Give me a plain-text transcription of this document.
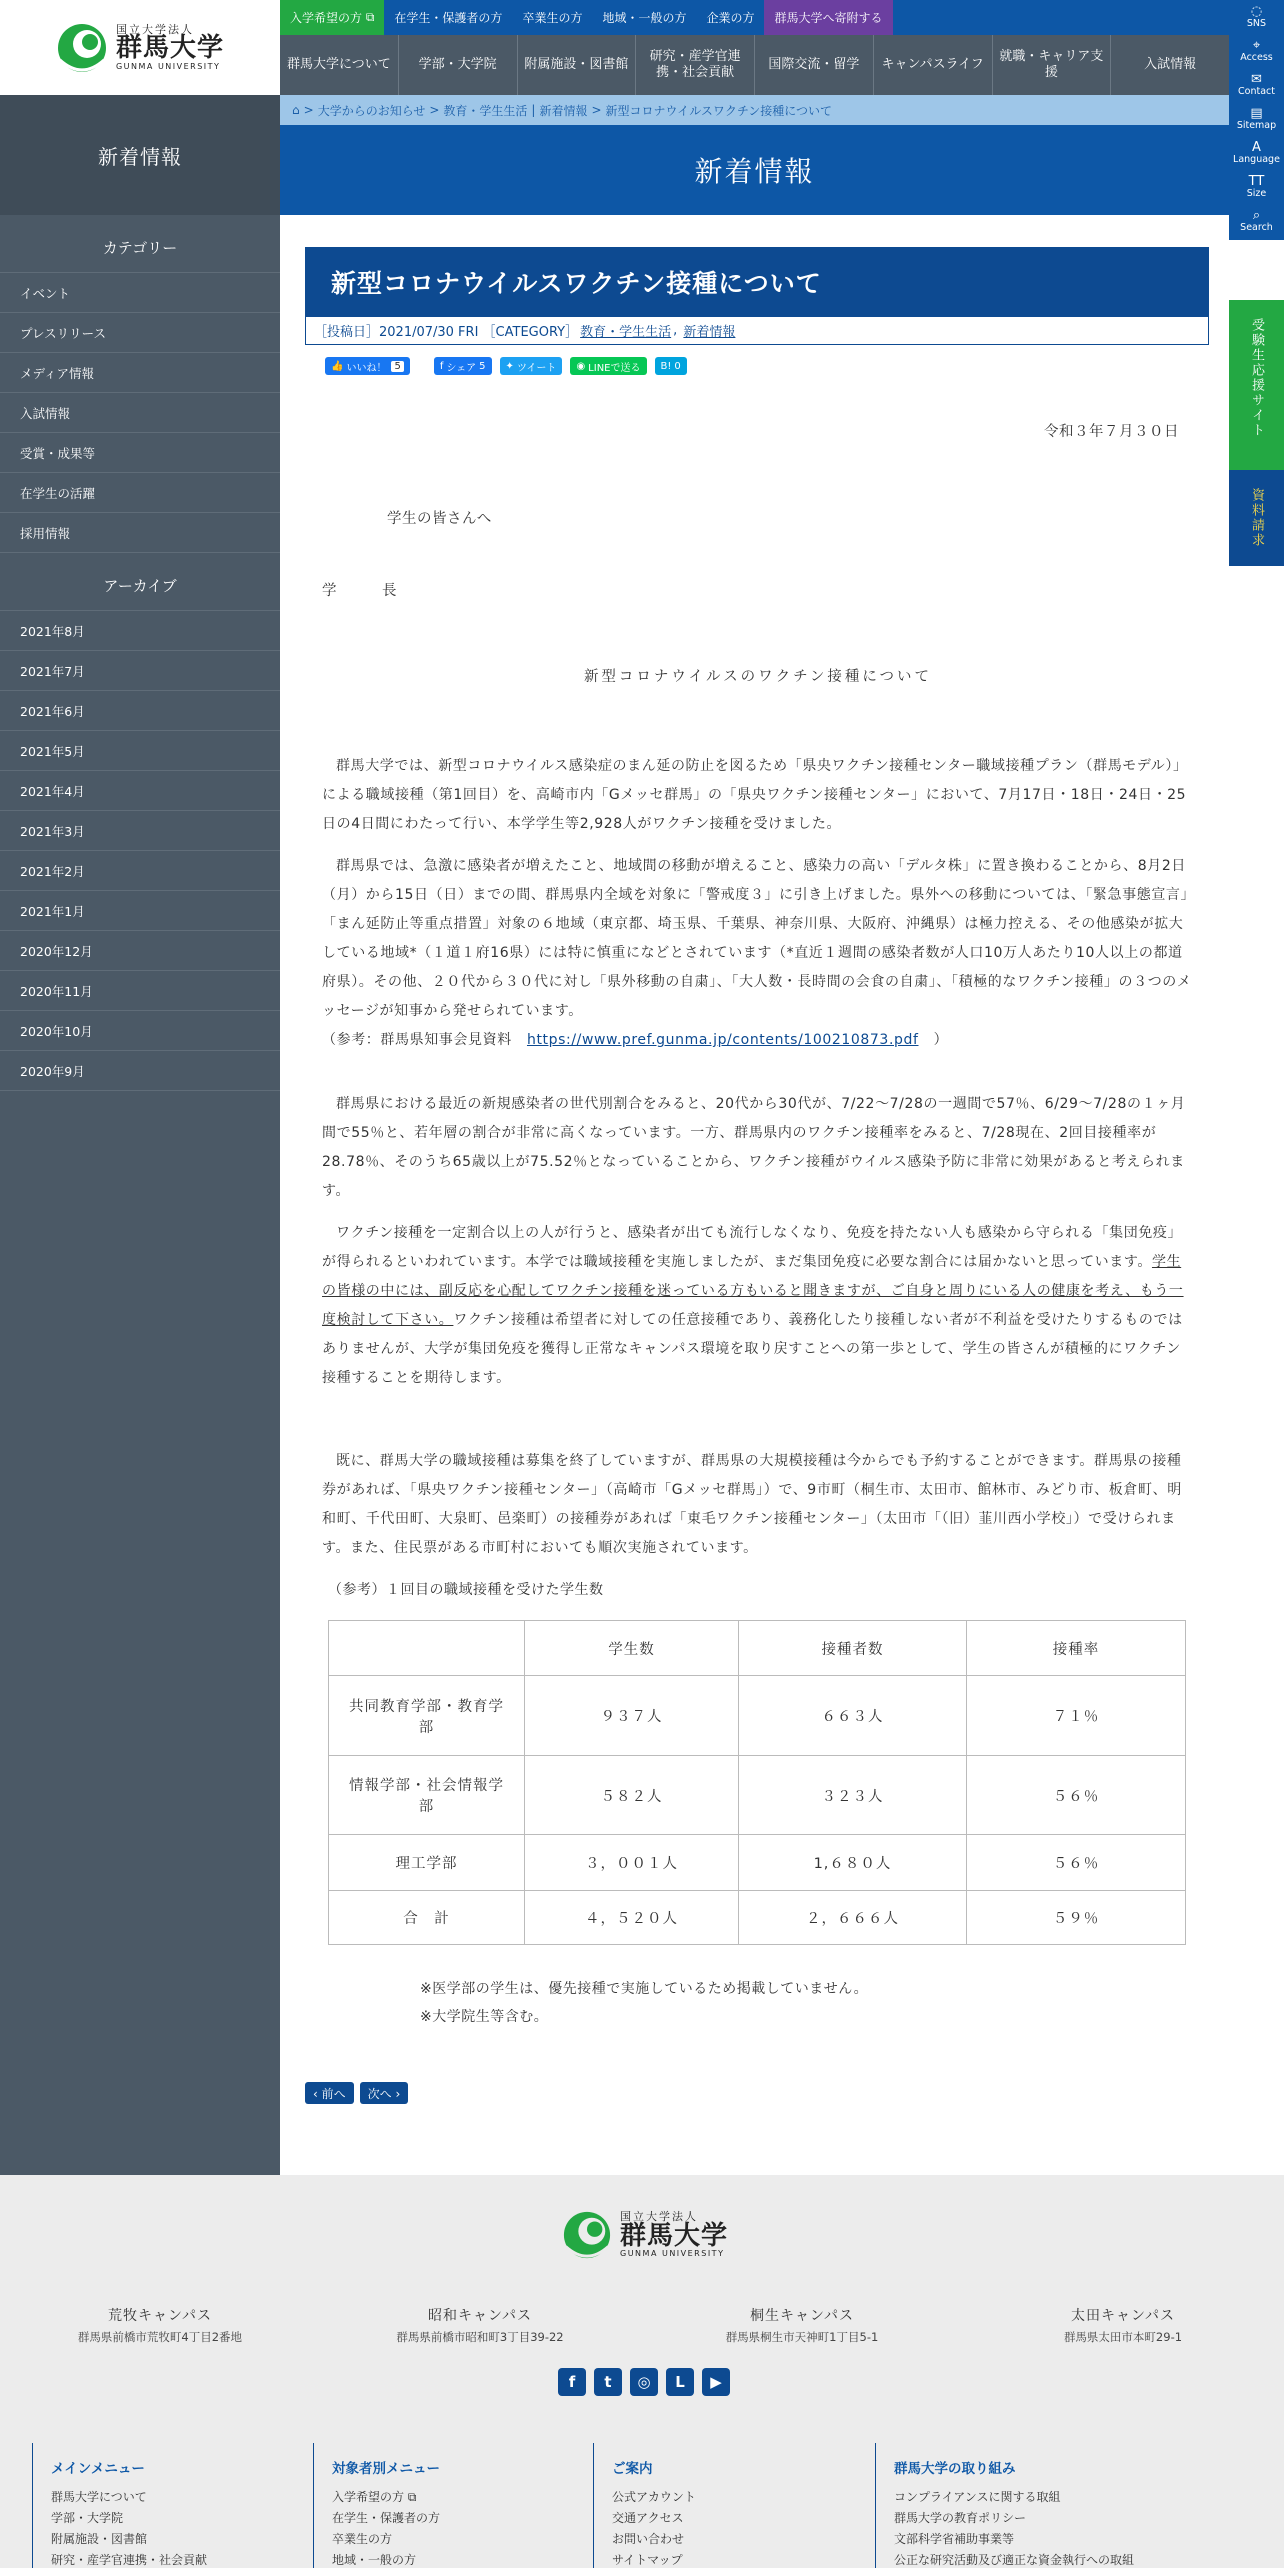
国立大学法人
群馬大学
GUNMA UNIVERSITY
入学希望の方
⧉	在学生・保護者の方	卒業生の方	地域・一般の方	企業の方	群馬大学へ寄附する
群馬大学について	学部・大学院	附属施設・図書館
研究・産学官連携・社会貢献
国際交流・留学	キャンパスライフ
就職・キャリア支援
入試情報
◌
SNS
⌖
Access
✉
Contact
▤
Sitemap
A
Language
TT
Size
⌕
Search
受験生応援サイト
資料請求
新着情報
カテゴリー
イベント
プレスリリース
メディア情報
入試情報
受賞・成果等
在学生の活躍
採用情報
アーカイブ
2021年8月
2021年7月
2021年6月
2021年5月
2021年4月
2021年3月
2021年2月
2021年1月
2020年12月
2020年11月
2020年10月
2020年9月
⌂ > 大学からのお知らせ > 教育・学生生活 | 新着情報 > 新型コロナウイルスワクチン接種について
新着情報
新型コロナウイルスワクチン接種について
［投稿日］2021/07/30 FRI ［CATEGORY］ 教育・学生生活 , 新着情報
👍 いいね！ 5	f シェア 5 ✦ ツイート ◉ LINEで送る B! 0
令和３年７月３０日
学生の皆さんへ
学　　　長
新型コロナウイルスのワクチン接種について

群馬大学では、新型コロナウイルス感染症のまん延の防止を図るため「県央ワクチン接種センター職域接種プラン（群馬モデル）」による職域接種（第1回目）を、高崎市内「Gメッセ群馬」の「県央ワクチン接種センター」において、7月17日・18日・24日・25日の4日間にわたって行い、本学学生等2,928人がワクチン接種を受けました。

群馬県では、急激に感染者が増えたこと、地域間の移動が増えること、感染力の高い「デルタ株」に置き換わることから、8月2日（月）から15日（日）までの間、群馬県内全域を対象に「警戒度３」に引き上げました。県外への移動については、「緊急事態宣言」「まん延防止等重点措置」対象の６地域（東京都、埼玉県、千葉県、神奈川県、大阪府、沖縄県）は極力控える、その他感染が拡大している地域*（１道１府16県）には特に慎重になどとされています（*直近１週間の感染者数が人口10万人あたり10人以上の都道府県）。その他、２０代から３０代に対し「県外移動の自粛」、「大人数・長時間の会食の自粛」、「積極的なワクチン接種」の３つのメッセージが知事から発せられています。
（参考：群馬県知事会見資料 https://www.pref.gunma.jp/contents/100210873.pdf ）

群馬県における最近の新規感染者の世代別割合をみると、20代から30代が、7/22～7/28の一週間で57％、6/29～7/28の１ヶ月間で55％と、若年層の割合が非常に高くなっています。一方、群馬県内のワクチン接種率をみると、7/28現在、2回目接種率が28.78％、そのうち65歳以上が75.52％となっていることから、ワクチン接種がウイルス感染予防に非常に効果があると考えられます。

ワクチン接種を一定割合以上の人が行うと、感染者が出ても流行しなくなり、免疫を持たない人も感染から守られる「集団免疫」が得られるといわれています。本学では職域接種を実施しましたが、まだ集団免疫に必要な割合には届かないと思っています。学生の皆様の中には、副反応を心配してワクチン接種を迷っている方もいると聞きますが、ご自身と周りにいる人の健康を考え、もう一度検討して下さい。ワクチン接種は希望者に対しての任意接種であり、義務化したり接種しない者が不利益を受けたりするものではありませんが、大学が集団免疫を獲得し正常なキャンパス環境を取り戻すことへの第一歩として、学生の皆さんが積極的にワクチン接種することを期待します。

既に、群馬大学の職域接種は募集を終了していますが、群馬県の大規模接種は今からでも予約することができます。群馬県の接種券があれば、「県央ワクチン接種センター」（高崎市「Gメッセ群馬」）で、9市町（桐生市、太田市、館林市、みどり市、板倉町、明和町、千代田町、大泉町、邑楽町）の接種券があれば「東毛ワクチン接種センター」（太田市「（旧）韮川西小学校」）で受けられます。また、住民票がある市町村においても順次実施されています。

（参考）１回目の職域接種を受けた学生数
	学生数	接種者数	接種率
共同教育学部・教育学部	９３７人	６６３人	７１％
情報学部・社会情報学部	５８２人	３２３人	５６％
理工学部	３，００１人	1,６８０人	５６％
合　計	４，５２０人	２，６６６人	５９％
※医学部の学生は、優先接種で実施しているため掲載していません。
※大学院生等含む。
‹ 前へ	次へ ›
国立大学法人
群馬大学
GUNMA UNIVERSITY
荒牧キャンパス
群馬県前橋市荒牧町4丁目2番地
昭和キャンパス
群馬県前橋市昭和町3丁目39-22
桐生キャンパス
群馬県桐生市天神町1丁目5-1
太田キャンパス
群馬県太田市本町29-1
f	t	◎	L	▶
メインメニュー
群馬大学について
学部・大学院
附属施設・図書館
研究・産学官連携・社会貢献
対象者別メニュー
入学希望の方 ⧉
在学生・保護者の方
卒業生の方
地域・一般の方
ご案内
公式アカウント
交通アクセス
お問い合わせ
サイトマップ
群馬大学の取り組み
コンプライアンスに関する取組
群馬大学の教育ポリシー
文部科学省補助事業等
公正な研究活動及び適正な資金執行への取組
